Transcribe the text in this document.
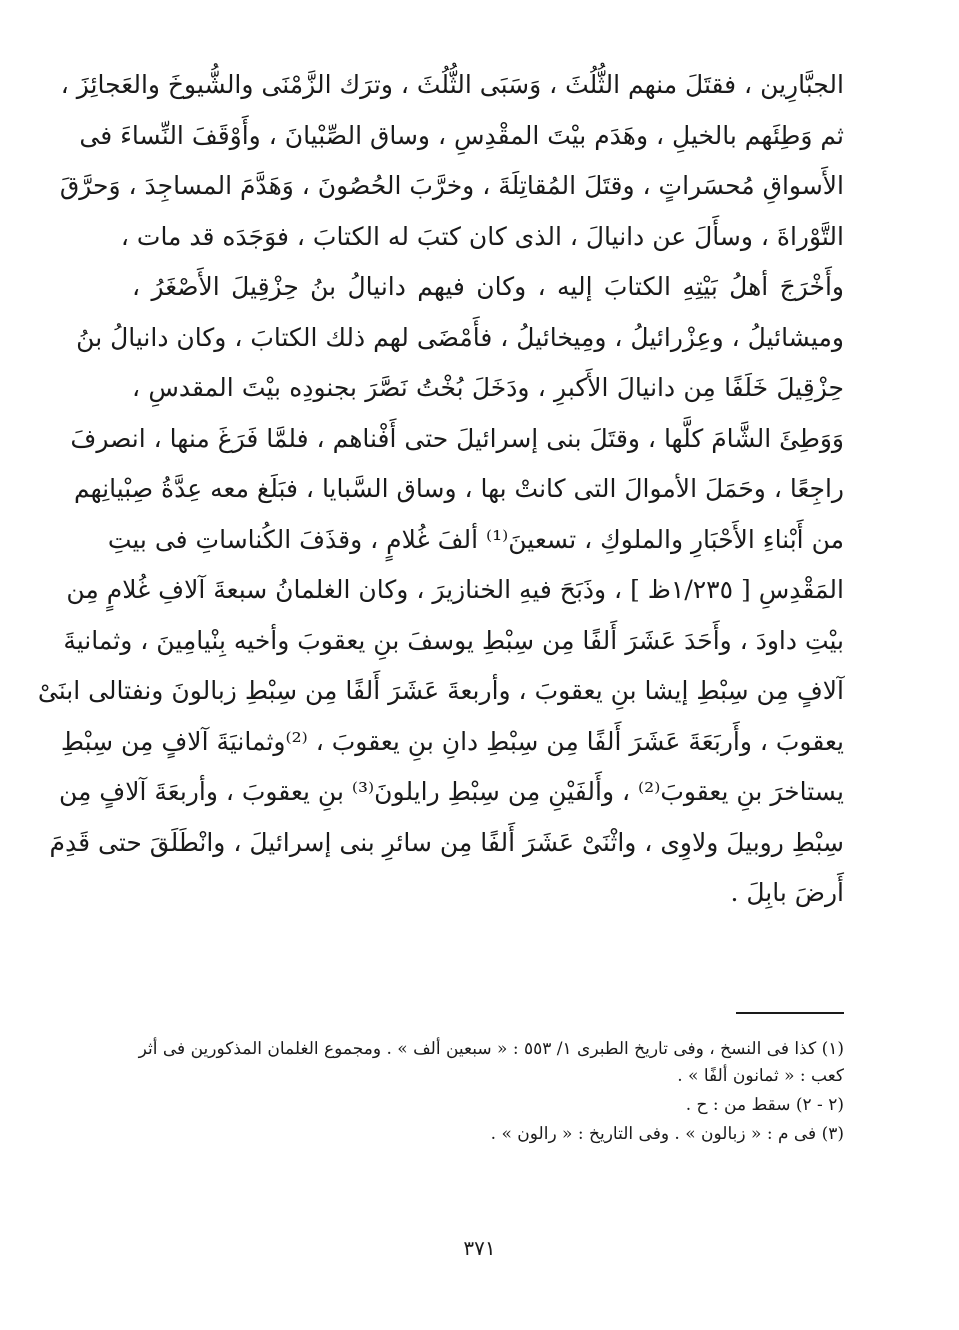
الجبَّارِين ، فقتَلَ منهم الثُّلُثَ ، وَسَبَى الثُّلُثَ ، وترَك الزَّمْنَى والشُّيوخَ والعَجائِزَ ،
ثم وَطِئَهم بالخيلِ ، وهَدَم بيْتَ المقْدِسِ ، وساق الصِّبْيانَ ، وأَوْقَفَ النِّساءَ فى
الأَسواقِ مُحسَراتٍ ، وقتَلَ المُقاتِلَةَ ، وخرَّبَ الحُصُونَ ، وَهَدَّمَ المساجِدَ ، وَحرَّقَ
التَّوْراةَ ، وسأَلَ عن دانيالَ ، الذى كان كتبَ له الكتابَ ، فوَجَدَه قد مات ،
وأَخْرَجَ أهلُ بَيْتِهِ الكتابَ إليه ، وكان فيهم دانيالُ بنُ حِزْقِيلَ الأَصْغَرُ ،
وميشائيلُ ، وعِزْرائيلُ ، ومِيخائيلُ ، فأَمْضَى لهم ذلك الكتابَ ، وكان دانيالُ بنُ
حِزْقِيلَ خَلَفًا مِن دانيالَ الأَكبرِ ، ودَخَلَ بُخْتُ نَصَّرَ بجنودِه بيْتَ المقدسِ ،
وَوَطِئَ الشَّامَ كلَّها ، وقتَلَ بنى إسرائيلَ حتى أَفْناهم ، فلمَّا فَرَغَ منها ، انصرفَ
راجِعًا ، وحَمَلَ الأموالَ التى كانتْ بها ، وساق السَّبايا ، فبَلَغ معه عِدَّةُ صِبْيانِهم
من أَبْناءِ الأَحْبَارِ والملوكِ ، تسعينَ⁽¹⁾ ألفَ غُلامٍ ، وقذَفَ الكُناساتِ فى بيتِ
المَقْدِسِ [ ١/٢٣٥ظ ] ، وذَبَحَ فيهِ الخنازيرَ ، وكان الغلمانُ سبعةَ آلافِ غُلامٍ مِن
بيْتِ داودَ ، وأَحَدَ عَشَرَ أَلفًا مِن سِبْطِ يوسفَ بنِ يعقوبَ وأخيه بِنْيامِينَ ، وثمانيةَ
آلافٍ مِن سِبْطِ إيشا بنِ يعقوبَ ، وأربعةَ عَشَرَ أَلفًا مِن سِبْطِ زبالونَ ونفتالى ابنَىْ
يعقوبَ ، وأَربَعَةَ عَشَرَ أَلفًا مِن سِبْطِ دانِ بنِ يعقوبَ ، ⁽²⁾وثمانيَةَ آلافٍ مِن سِبْطِ
يستاخرَ بنِ يعقوبَ⁽²⁾ ، وأَلفَيْنِ مِن سِبْطِ رايلونَ⁽³⁾ بنِ يعقوبَ ، وأربعَةَ آلافٍ مِن
سِبْطِ روبيلَ ولاوِى ، واثْنَىْ عَشَرَ أَلفًا مِن سائرِ بنى إسرائيلَ ، وانْطَلَقَ حتى قَدِمَ
أَرضَ بابِلَ .
(١) كذا فى النسخ ، وفى تاريخ الطبرى ١/ ٥٥٣ : « سبعين ألف » . ومجموع الغلمان المذكورين فى أثر
كعب : « ثمانون ألفًا » .
(٢ - ٢) سقط من : ح .
(٣) فى م : « زبالون » . وفى التاريخ : « رالون » .
٣٧١
